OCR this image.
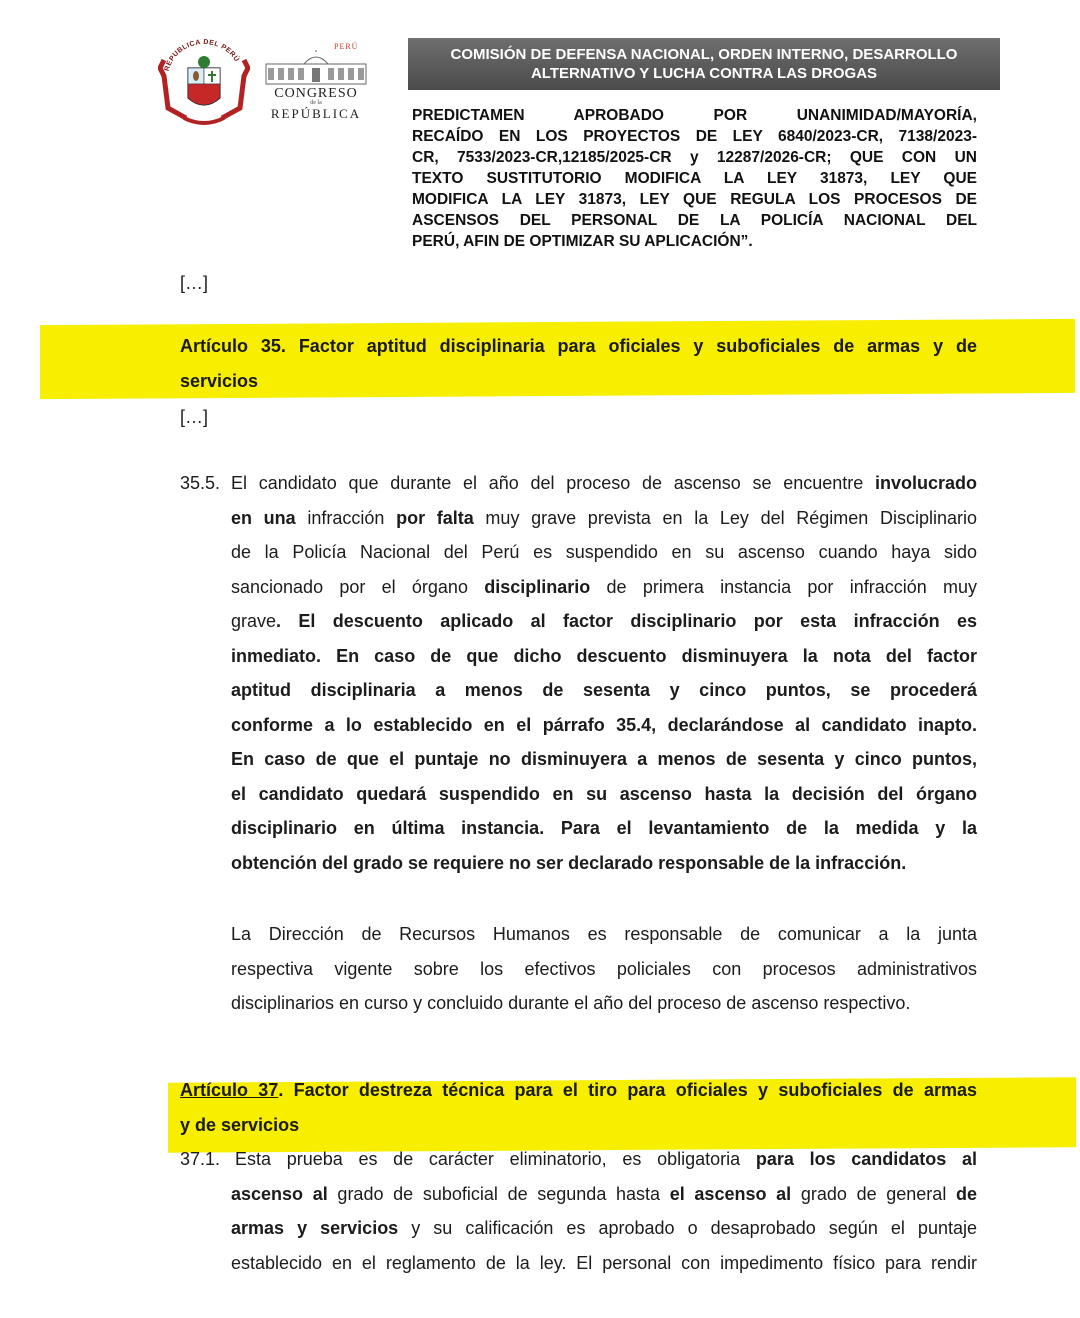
REPUBLICA DEL PERÚ
PERÚ
CONGRESO
de la
REPÚBLICA
COMISIÓN DE DEFENSA NACIONAL, ORDEN INTERNO, DESARROLLO
ALTERNATIVO Y LUCHA CONTRA LAS DROGAS
PREDICTAMEN APROBADO POR UNANIMIDAD/MAYORÍA,
RECAÍDO EN LOS PROYECTOS DE LEY 6840/2023-CR, 7138/2023-
CR, 7533/2023-CR,12185/2025-CR y 12287/2026-CR; QUE CON UN
TEXTO SUSTITUTORIO MODIFICA LA LEY 31873, LEY QUE
MODIFICA LA LEY 31873, LEY QUE REGULA LOS PROCESOS DE
ASCENSOS DEL PERSONAL DE LA POLICÍA NACIONAL DEL
PERÚ, AFIN DE OPTIMIZAR SU APLICACIÓN”.
[…]
Artículo 35. Factor aptitud disciplinaria para oficiales y suboficiales de armas y de
servicios
[…]
35.5. El candidato que durante el año del proceso de ascenso se encuentre involucrado
en una infracción por falta muy grave prevista en la Ley del Régimen Disciplinario
de la Policía Nacional del Perú es suspendido en su ascenso cuando haya sido
sancionado por el órgano disciplinario de primera instancia por infracción muy
grave. El descuento aplicado al factor disciplinario por esta infracción es
inmediato. En caso de que dicho descuento disminuyera la nota del factor
aptitud disciplinaria a menos de sesenta y cinco puntos, se procederá
conforme a lo establecido en el párrafo 35.4, declarándose al candidato inapto.
En caso de que el puntaje no disminuyera a menos de sesenta y cinco puntos,
el candidato quedará suspendido en su ascenso hasta la decisión del órgano
disciplinario en última instancia. Para el levantamiento de la medida y la
obtención del grado se requiere no ser declarado responsable de la infracción.
La Dirección de Recursos Humanos es responsable de comunicar a la junta
respectiva vigente sobre los efectivos policiales con procesos administrativos
disciplinarios en curso y concluido durante el año del proceso de ascenso respectivo.
Artículo 37. Factor destreza técnica para el tiro para oficiales y suboficiales de armas
y de servicios
37.1. Esta prueba es de carácter eliminatorio, es obligatoria para los candidatos al
ascenso al grado de suboficial de segunda hasta el ascenso al grado de general de
armas y servicios y su calificación es aprobado o desaprobado según el puntaje
establecido en el reglamento de la ley. El personal con impedimento físico para rendir
